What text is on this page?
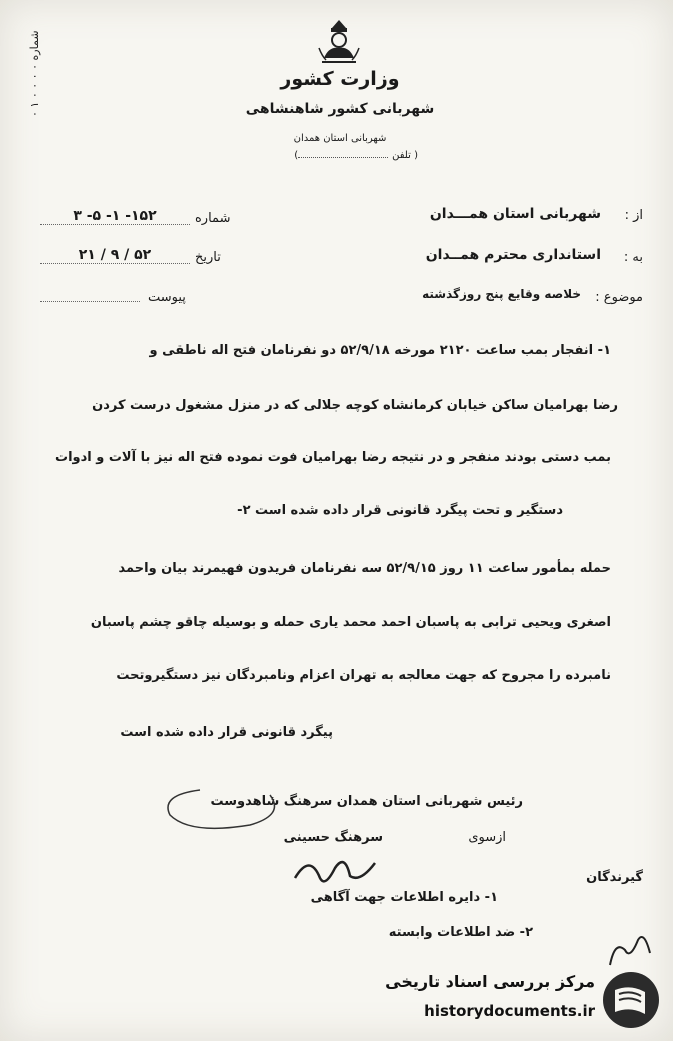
شماره ۰ ۰ ۰ ۰ ۱ ۰
وزارت کشور
شهربانی کشور شاهنشاهی
شهربانی استان همدان
( تلفن)
از :
شهربانی استان همـــدان
به :
استانداری محترم همــدان
موضوع :
خلاصه وقایع پنج روزگذشته
شماره
۳ -۵ -۱ -۱۵۲
تاریخ
۲۱ / ۹ / ۵۲
پیوست
۱- انفجار بمب ساعت ۲۱۲۰ مورخه ۵۲/۹/۱۸ دو نفرنامان فتح اله ناطقی و
رضا بهرامیان ساکن خیابان کرمانشاه کوچه جلالی که در منزل مشغول درست کردن
بمب دستی بودند منفجر و در نتیجه رضا بهرامیان فوت نموده فتح اله نیز با آلات و ادوات
دستگیر و تحت پیگرد قانونی قرار داده شده است ۲-
حمله بمأمور ساعت ۱۱ روز ۵۲/۹/۱۵ سه نفرنامان فریدون فهیمرند بیان واحمد
اصغری ویحیی ترابی به پاسبان احمد محمد یاری حمله و بوسیله چاقو چشم پاسبان
نامبرده را مجروح که جهت معالجه به تهران اعزام ونامبردگان نیز دستگیروتحت
پیگرد قانونی قرار داده شده است
رئیس شهربانی استان همدان سرهنگ شاهدوست
ازسوی
سرهنگ حسینی
گیرندگان
۱- دایره اطلاعات جهت آگاهی
۲- ضد اطلاعات وابسته
مرکز بررسی اسناد تاریخی
historydocuments.ir
